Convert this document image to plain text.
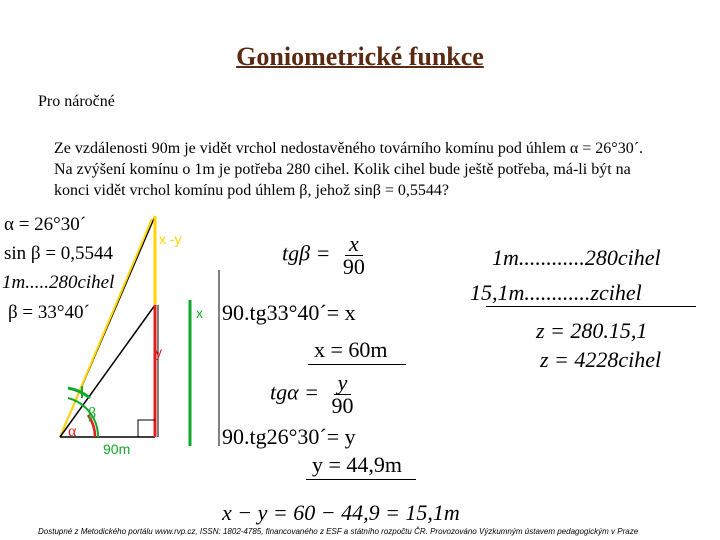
Goniometrické funkce
Pro náročné
Ze vzdálenosti 90m je vidět vrchol nedostavěného továrního komínu pod úhlem α = 26°30´.
Na zvýšení komínu o 1m je potřeba 280 cihel. Kolik cihel bude ještě potřeba, má-li být na
konci vidět vrchol komínu pod úhlem β, jehož sinβ = 0,5544?
α = 26°30´
sin β = 0,5544
1m.....280cihel
β = 33°40´
x -y
x
y
β
α
90m
$tg\beta = \frac{x}{90}$
90.tg33°40´= x
x = 60m
$tg\alpha = \frac{y}{90}$
90.tg26°30´= y
y = 44,9m
1m............280cihel
15,1m............zcihel
z = 280.15,1
z = 4228cihel
x − y = 60 − 44,9 = 15,1m
Dostupné z Metodického portálu www.rvp.cz, ISSN: 1802-4785, financovaného z ESF a státního rozpočtu ČR. Provozováno Výzkumným ústavem pedagogickým v Praze
